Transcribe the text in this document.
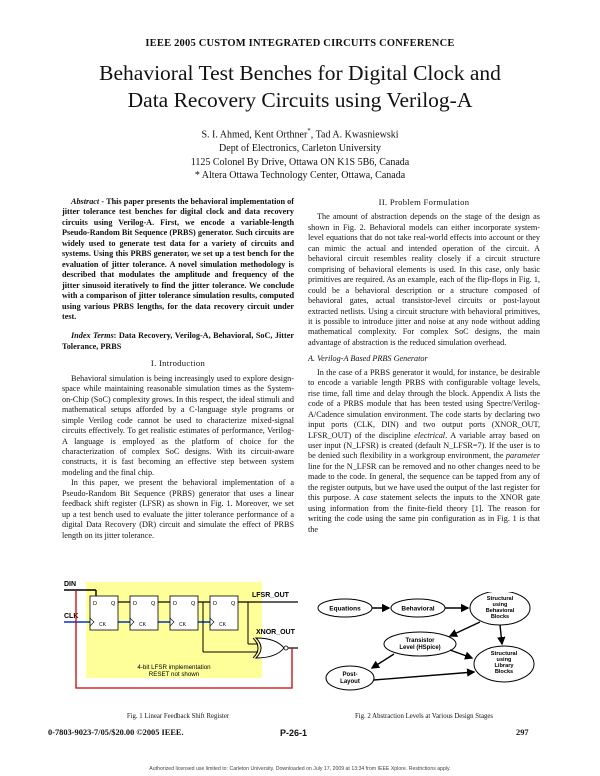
IEEE 2005 CUSTOM INTEGRATED CIRCUITS CONFERENCE
Behavioral Test Benches for Digital Clock and
Data Recovery Circuits using Verilog-A
S. I. Ahmed, Kent Orthner*, Tad A. Kwasniewski
Dept of Electronics, Carleton University
1125 Colonel By Drive, Ottawa ON K1S 5B6, Canada
* Altera Ottawa Technology Center, Ottawa, Canada

Abstract - This paper presents the behavioral implementation of jitter tolerance test benches for digital clock and data recovery circuits using Verilog-A. First, we encode a variable-length Pseudo-Random Bit Sequence (PRBS) generator. Such circuits are widely used to generate test data for a variety of circuits and systems. Using this PRBS generator, we set up a test bench for the evaluation of jitter tolerance. A novel simulation methodology is described that modulates the amplitude and frequency of the jitter sinusoid iteratively to find the jitter tolerance. We conclude with a comparison of jitter tolerance simulation results, computed using various PRBS lengths, for the data recovery circuit under test.

Index Terms: Data Recovery, Verilog-A, Behavioral, SoC, Jitter Tolerance, PRBS

I. Introduction

Behavioral simulation is being increasingly used to explore design-space while maintaining reasonable simulation times as the System-on-Chip (SoC) complexity grows. In this respect, the ideal stimuli and mathematical setups afforded by a C-language style programs or simple Verilog code cannot be used to characterize mixed-signal circuits effectively. To get realistic estimates of performance, Verilog-A language is employed as the platform of choice for the characterization of complex SoC designs. With its circuit-aware constructs, it is fast becoming an effective step between system modeling and the final chip.

In this paper, we present the behavioral implementation of a Pseudo-Random Bit Sequence (PRBS) generator that uses a linear feedback shift register (LFSR) as shown in Fig. 1. Moreover, we set up a test bench used to evaluate the jitter tolerance performance of a digital Data Recovery (DR) circuit and simulate the effect of PRBS length on its jitter tolerance.

DIN
CLK
D	Q
CK
D	Q
CK
D	Q
CK
D	Q
CK
LFSR_OUT
XNOR_OUT
4-bit LFSR implementation
RESET not shown
Fig. 1 Linear Feedback Shift Register
II. Problem Formulation

The amount of abstraction depends on the stage of the design as shown in Fig. 2. Behavioral models can either incorporate system-level equations that do not take real-world effects into account or they can mimic the actual and intended operation of the circuit. A behavioral circuit resembles reality closely if a circuit structure comprising of behavioral elements is used. In this case, only basic primitives are required. As an example, each of the flip-flops in Fig. 1, could be a behavioral description or a structure composed of behavioral gates, actual transistor-level circuits or post-layout extracted netlists. Using a circuit structure with behavioral primitives, it is possible to introduce jitter and noise at any node without adding mathematical complexity. For complex SoC designs, the main advantage of abstraction is the reduced simulation overhead.

A. Verilog-A Based PRBS Generator

In the case of a PRBS generator it would, for instance, be desirable to encode a variable length PRBS with configurable voltage levels, rise time, fall time and delay through the block. Appendix A lists the code of a PRBS module that has been tested using Spectre/Verilog-A/Cadence simulation environment. The code starts by declaring two input ports (CLK, DIN) and two output ports (XNOR_OUT, LFSR_OUT) of the discipline electrical. A variable array based on user input (N_LFSR) is created (default N_LFSR=7). If the user is to be denied such flexibility in a workgroup environment, the parameter line for the N_LFSR can be removed and no other changes need to be made to the code. In general, the sequence can be tapped from any of the register outputs, but we have used the output of the last register for this purpose. A case statement selects the inputs to the XNOR gate using information from the finite-field theory [1]. The reason for writing the code using the same pin configuration as in Fig. 1 is that the

Equations	Behavioral
Structural
using
Behavioral
Blocks
Transistor
Level (HSpice)
Post-
Layout
Structural
using
Library
Blocks
Fig. 2 Abstraction Levels at Various Design Stages
0-7803-9023-7/05/$20.00 ©2005 IEEE.	P-26-1	297
Authorized licensed use limited to: Carleton University. Downloaded on July 17, 2009 at 13:34 from IEEE Xplore. Restrictions apply.
